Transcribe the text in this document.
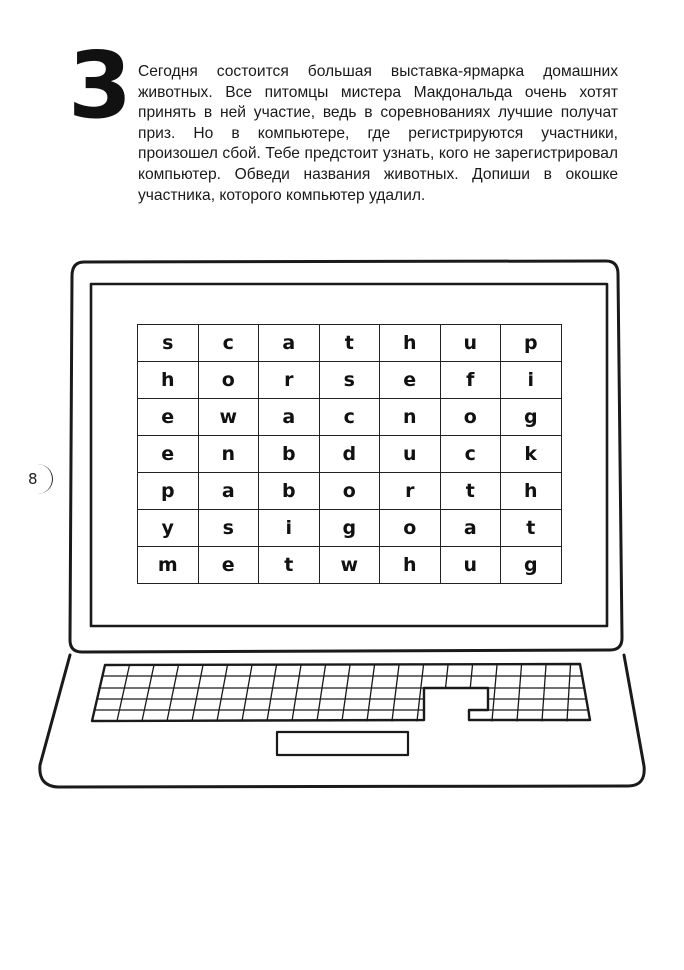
3 Сегодня состоится большая выставка-ярмарка домашних животных. Все питомцы мистера Макдональда очень хотят принять в ней участие, ведь в соревнованиях лучшие получат приз. Но в компьютере, где регистрируются участники, произошел сбой. Тебе предстоит узнать, кого не зарегистрировал компьютер. Обведи названия животных. Допиши в окошке участника, которого компьютер удалил.
8
s	c	a	t	h	u	p
h	o	r	s	e	f	i
e	w	a	c	n	o	g
e	n	b	d	u	c	k
p	a	b	o	r	t	h
y	s	i	g	o	a	t
m	e	t	w	h	u	g
